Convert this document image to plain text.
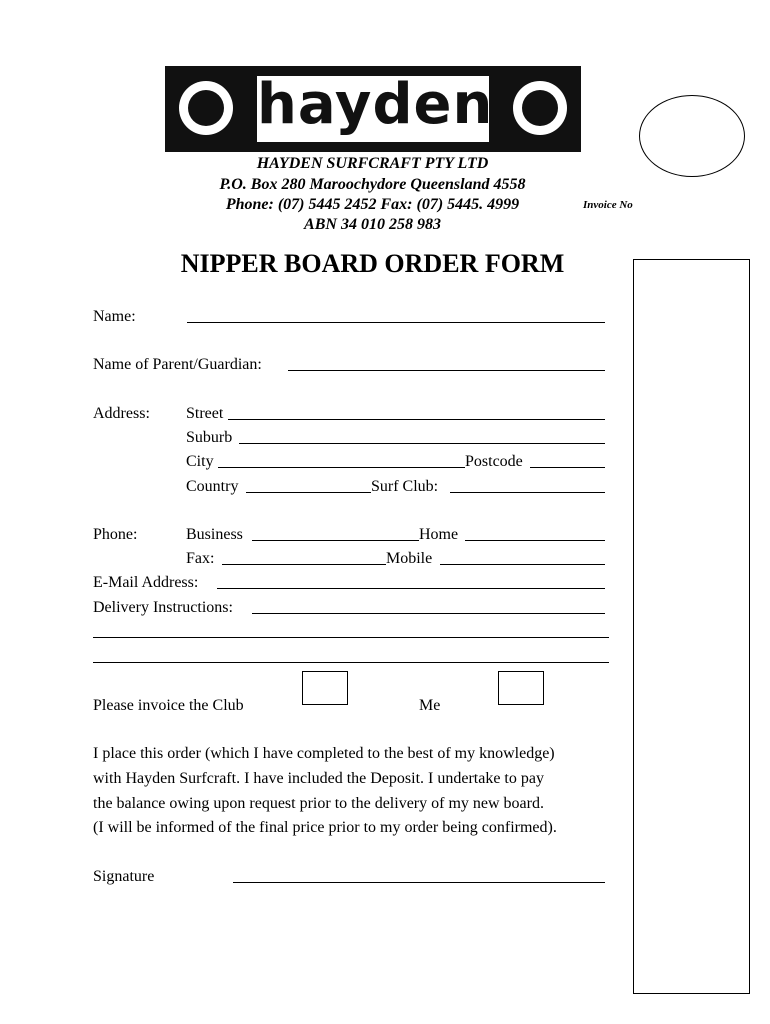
hayden
HAYDEN SURFCRAFT PTY LTD
P.O. Box 280 Maroochydore Queensland 4558
Phone: (07) 5445 2452 Fax: (07) 5445. 4999
ABN 34 010 258 983
Invoice No
NIPPER BOARD ORDER FORM
Name:
Name of Parent/Guardian:
Address: Street
Suburb
City	Postcode
Country	Surf Club:
Phone:	Business	Home
Fax:	Mobile
E-Mail Address:
Delivery Instructions:
Please invoice the Club	Me
I place this order (which I have completed to the best of my knowledge)
with Hayden Surfcraft. I have included the Deposit. I undertake to pay
the balance owing upon request prior to the delivery of my new board.
(I will be informed of the final price prior to my order being confirmed).
Signature
